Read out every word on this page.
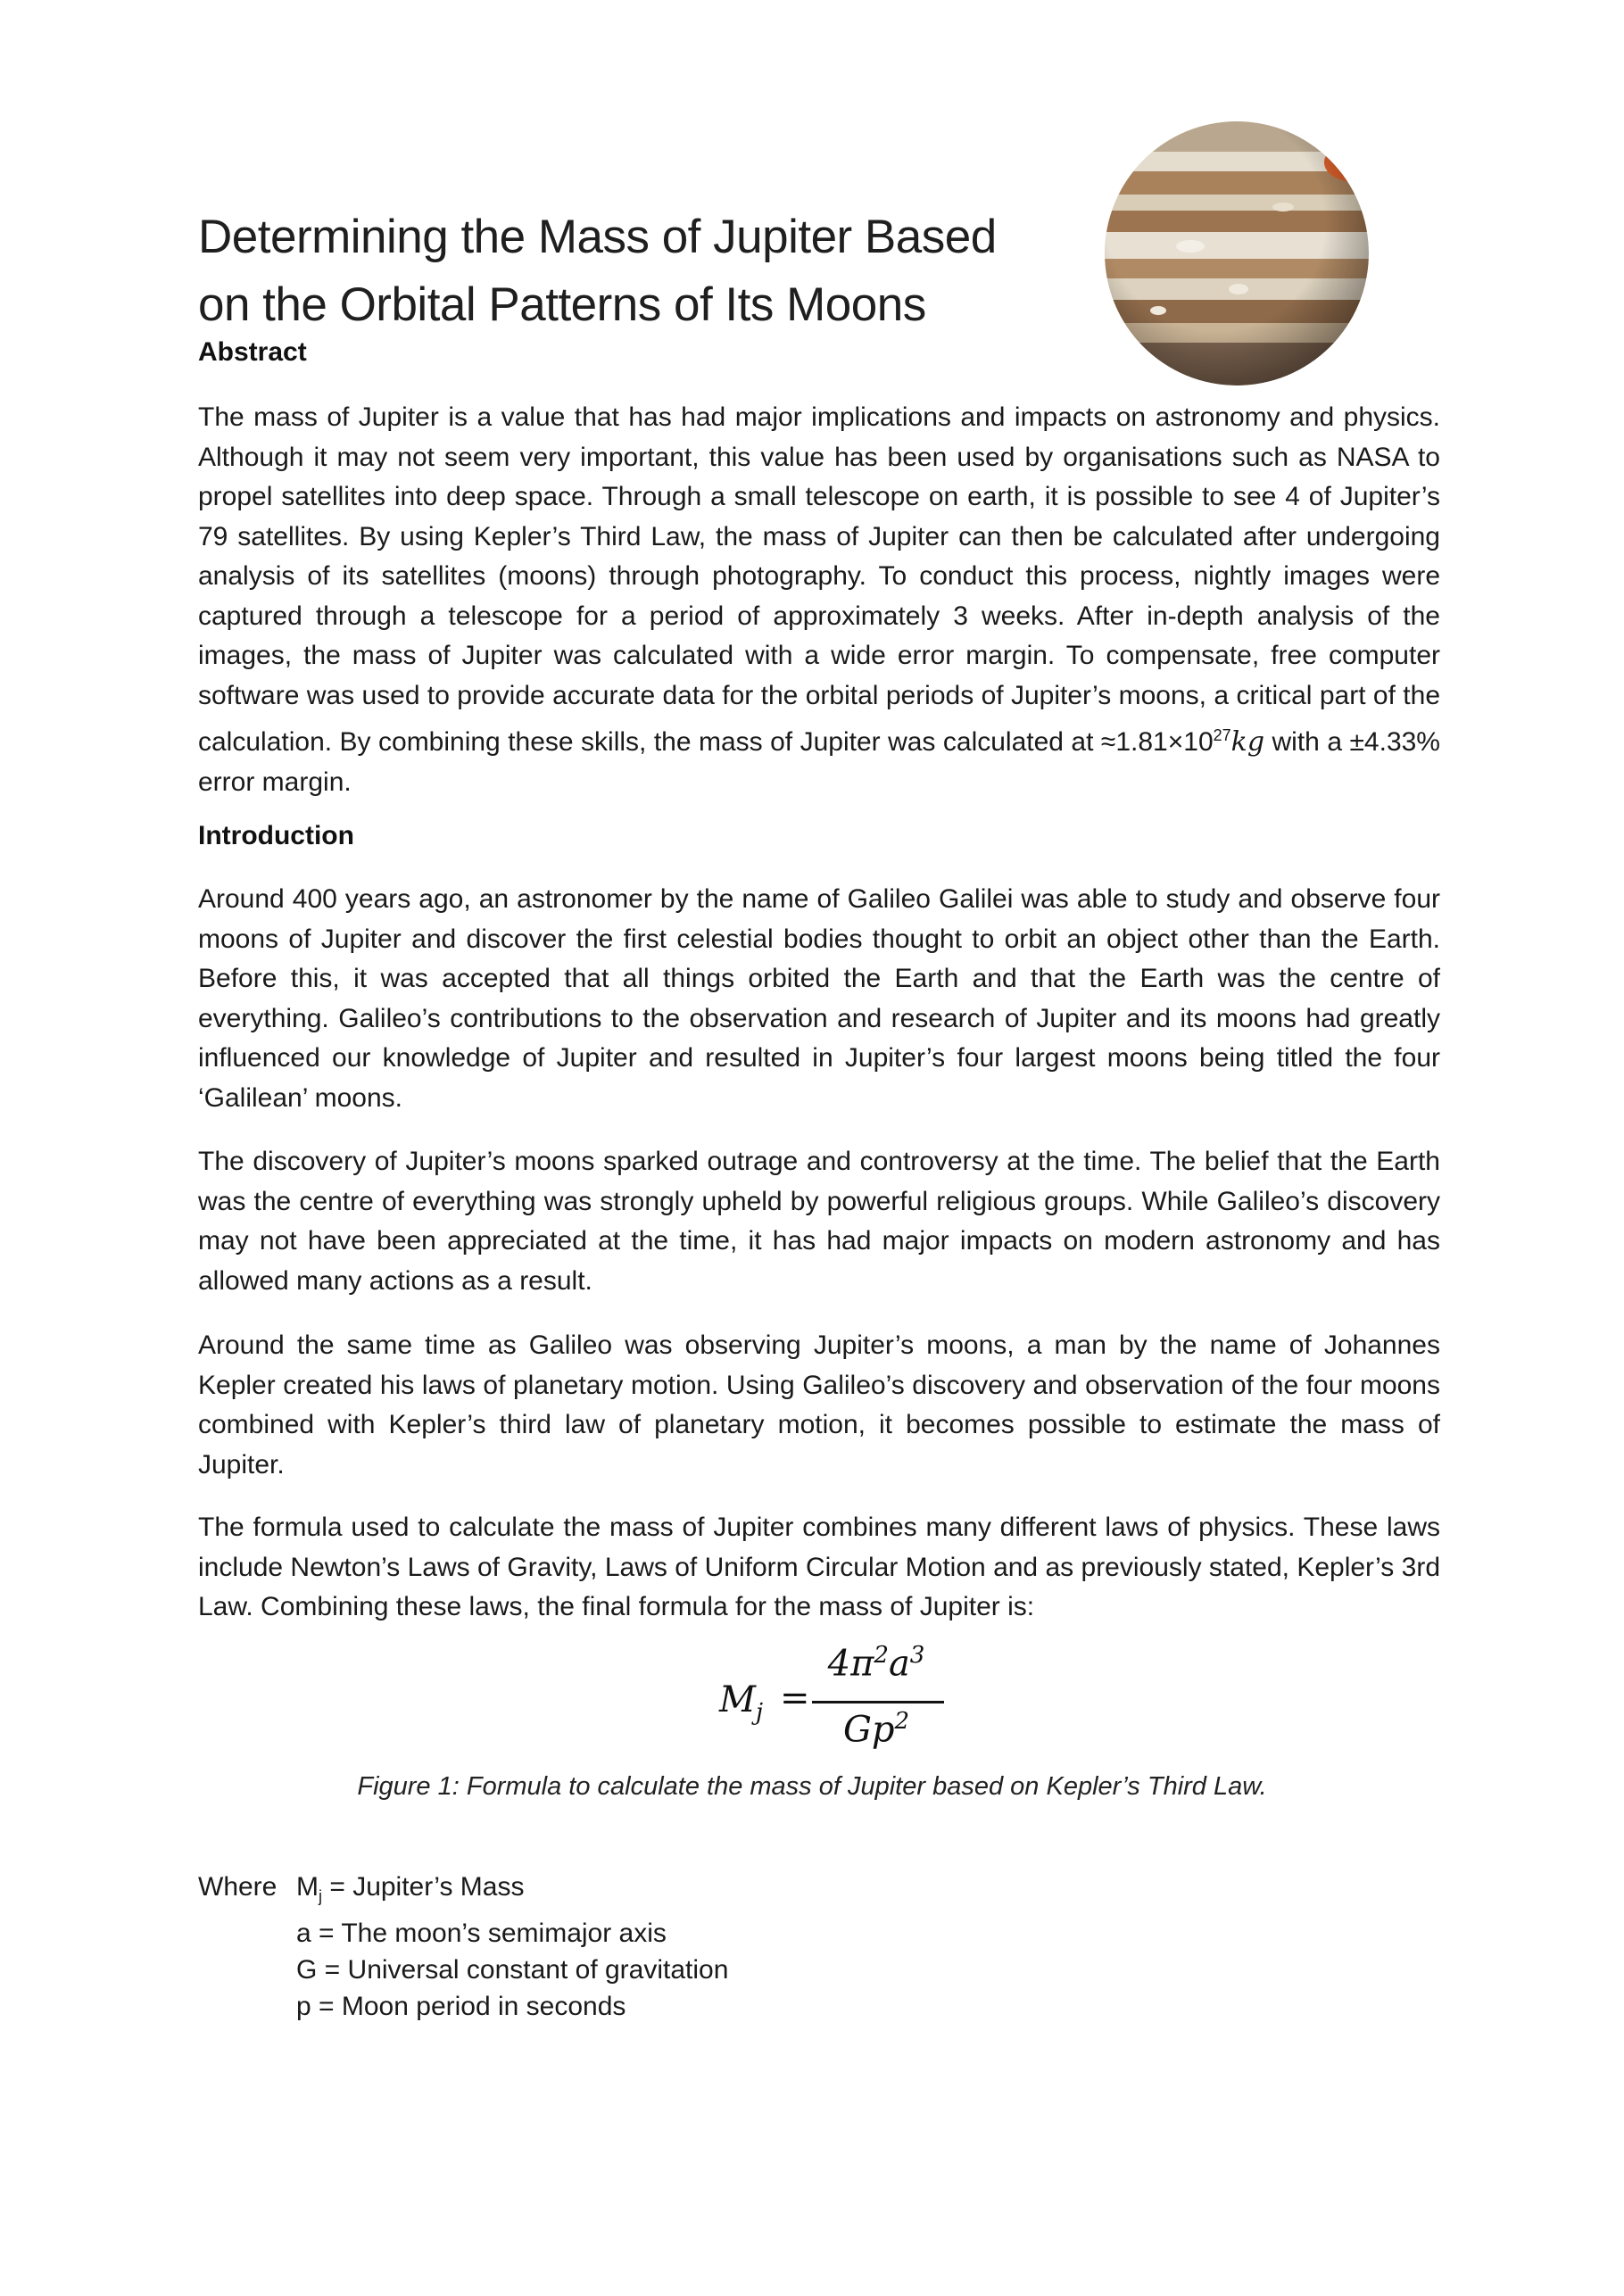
Determining the Mass of Jupiter Based
on the Orbital Patterns of Its Moons
Abstract

The mass of Jupiter is a value that has had major implications and impacts on astronomy and physics. Although it may not seem very important, this value has been used by organisations such as NASA to propel satellites into deep space. Through a small telescope on earth, it is possible to see 4 of Jupiter’s 79 satellites. By using Kepler’s Third Law, the mass of Jupiter can then be calculated after undergoing analysis of its satellites (moons) through photography. To conduct this process, nightly images were captured through a telescope for a period of approximately 3 weeks. After in-depth analysis of the images, the mass of Jupiter was calculated with a wide error margin. To compensate, free computer software was used to provide accurate data for the orbital periods of Jupiter’s moons, a critical part of the calculation. By combining these skills, the mass of Jupiter was calculated at $\approx 1.81\times 10^{27}kg$ with a ±4.33% error margin.

Introduction

Around 400 years ago, an astronomer by the name of Galileo Galilei was able to study and observe four moons of Jupiter and discover the first celestial bodies thought to orbit an object other than the Earth. Before this, it was accepted that all things orbited the Earth and that the Earth was the centre of everything. Galileo’s contributions to the observation and research of Jupiter and its moons had greatly influenced our knowledge of Jupiter and resulted in Jupiter’s four largest moons being titled the four ‘Galilean’ moons.

The discovery of Jupiter’s moons sparked outrage and controversy at the time. The belief that the Earth was the centre of everything was strongly upheld by powerful religious groups. While Galileo’s discovery may not have been appreciated at the time, it has had major impacts on modern astronomy and has allowed many actions as a result.

Around the same time as Galileo was observing Jupiter’s moons, a man by the name of Johannes Kepler created his laws of planetary motion. Using Galileo’s discovery and observation of the four moons combined with Kepler’s third law of planetary motion, it becomes possible to estimate the mass of Jupiter.

The formula used to calculate the mass of Jupiter combines many different laws of physics. These laws include Newton’s Laws of Gravity, Laws of Uniform Circular Motion and as previously stated, Kepler’s 3rd Law. Combining these laws, the final formula for the mass of Jupiter is:

$M_j$ =
$4\pi^2a^3$
Gp$^2$

Figure 1: Formula to calculate the mass of Jupiter based on Kepler’s Third Law.

Where $M_j$ = Jupiter’s Mass
a = The moon’s semimajor axis
G = Universal constant of gravitation
p = Moon period in seconds
